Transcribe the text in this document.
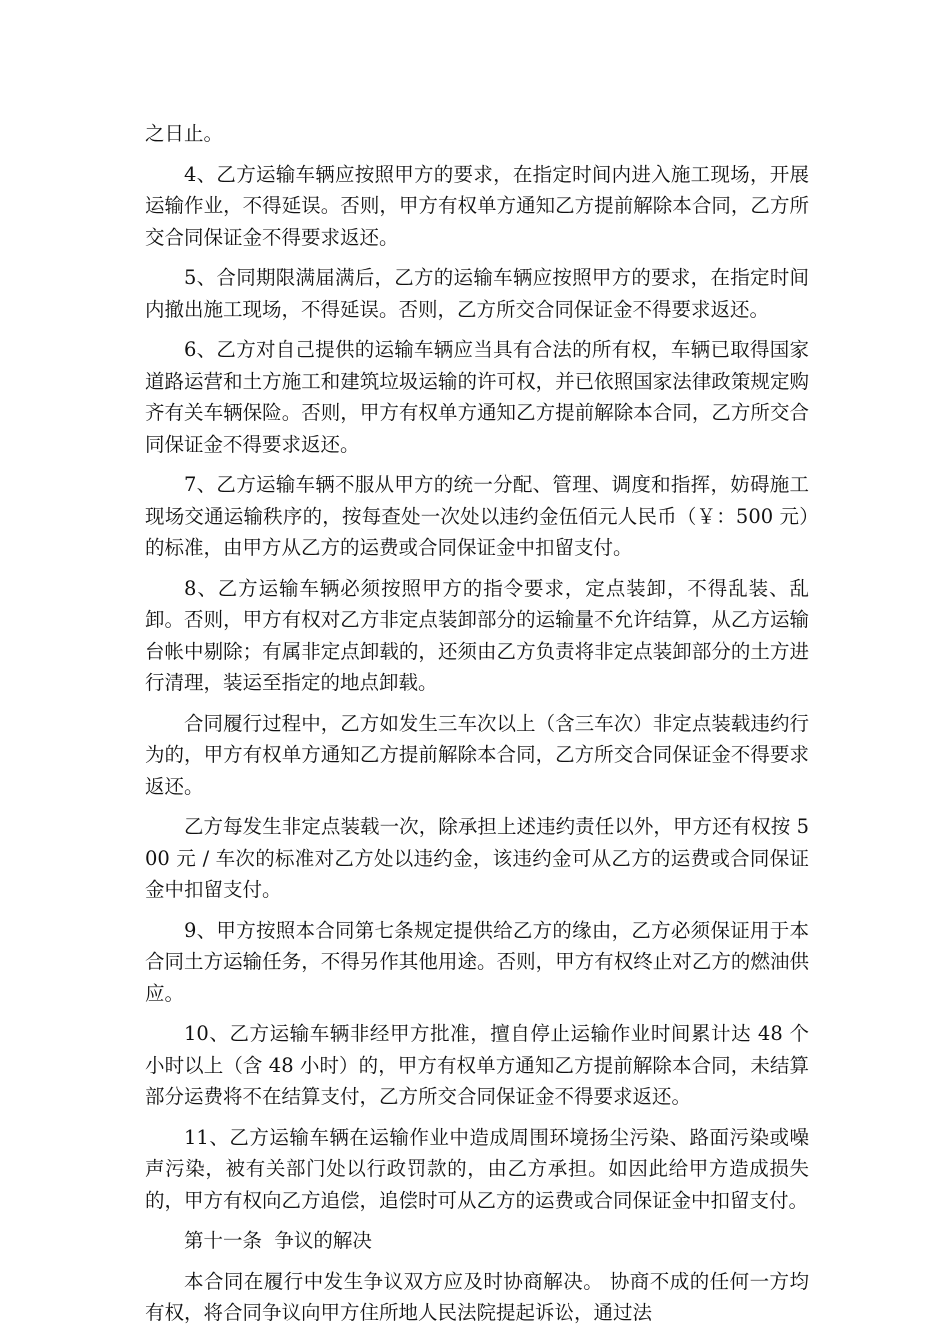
之日止。

4、乙方运输车辆应按照甲方的要求，在指定时间内进入施工现场，开展运输作业，不得延误。否则，甲方有权单方通知乙方提前解除本合同，乙方所交合同保证金不得要求返还。

5、合同期限满届满后，乙方的运输车辆应按照甲方的要求，在指定时间内撤出施工现场，不得延误。否则，乙方所交合同保证金不得要求返还。

6、乙方对自己提供的运输车辆应当具有合法的所有权，车辆已取得国家道路运营和土方施工和建筑垃圾运输的许可权，并已依照国家法律政策规定购齐有关车辆保险。否则，甲方有权单方通知乙方提前解除本合同，乙方所交合同保证金不得要求返还。

7、乙方运输车辆不服从甲方的统一分配、管理、调度和指挥，妨碍施工现场交通运输秩序的，按每查处一次处以违约金伍佰元人民币（￥：500 元）的标准，由甲方从乙方的运费或合同保证金中扣留支付。

8、乙方运输车辆必须按照甲方的指令要求，定点装卸，不得乱装、乱卸。否则，甲方有权对乙方非定点装卸部分的运输量不允许结算，从乙方运输台帐中剔除；有属非定点卸载的，还须由乙方负责将非定点装卸部分的土方进行清理，装运至指定的地点卸载。

合同履行过程中，乙方如发生三车次以上（含三车次）非定点装载违约行为的，甲方有权单方通知乙方提前解除本合同，乙方所交合同保证金不得要求返还。

乙方每发生非定点装载一次，除承担上述违约责任以外，甲方还有权按 500 元 / 车次的标准对乙方处以违约金，该违约金可从乙方的运费或合同保证金中扣留支付。

9、甲方按照本合同第七条规定提供给乙方的缘由，乙方必须保证用于本合同土方运输任务，不得另作其他用途。否则，甲方有权终止对乙方的燃油供应。

10、乙方运输车辆非经甲方批准，擅自停止运输作业时间累计达 48 个小时以上（含 48 小时）的，甲方有权单方通知乙方提前解除本合同，未结算部分运费将不在结算支付，乙方所交合同保证金不得要求返还。

11、乙方运输车辆在运输作业中造成周围环境扬尘污染、路面污染或噪声污染，被有关部门处以行政罚款的，由乙方承担。如因此给甲方造成损失的，甲方有权向乙方追偿，追偿时可从乙方的运费或合同保证金中扣留支付。

第十一条  争议的解决

本合同在履行中发生争议双方应及时协商解决。 协商不成的任何一方均有权，将合同争议向甲方住所地人民法院提起诉讼，通过法
